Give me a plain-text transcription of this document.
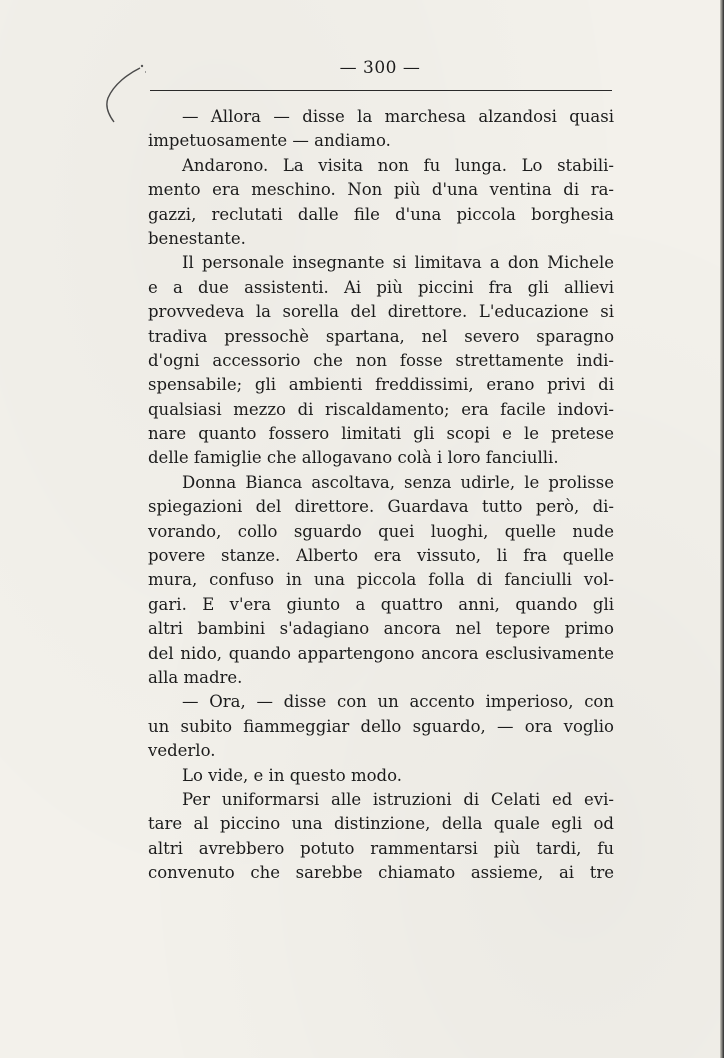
— 300 —
— Allora — disse la marchesa alzandosi quasi
impetuosamente — andiamo.
Andarono. La visita non fu lunga. Lo stabili-
mento era meschino. Non più d'una ventina di ra-
gazzi, reclutati dalle file d'una piccola borghesia
benestante.
Il personale insegnante si limitava a don Michele
e a due assistenti. Ai più piccini fra gli allievi
provvedeva la sorella del direttore. L'educazione si
tradiva pressochè spartana, nel severo sparagno
d'ogni accessorio che non fosse strettamente indi-
spensabile; gli ambienti freddissimi, erano privi di
qualsiasi mezzo di riscaldamento; era facile indovi-
nare quanto fossero limitati gli scopi e le pretese
delle famiglie che allogavano colà i loro fanciulli.
Donna Bianca ascoltava, senza udirle, le prolisse
spiegazioni del direttore. Guardava tutto però, di-
vorando, collo sguardo quei luoghi, quelle nude
povere stanze. Alberto era vissuto, li fra quelle
mura, confuso in una piccola folla di fanciulli vol-
gari. E v'era giunto a quattro anni, quando gli
altri bambini s'adagiano ancora nel tepore primo
del nido, quando appartengono ancora esclusivamente
alla madre.
— Ora, — disse con un accento imperioso, con
un subito fiammeggiar dello sguardo, — ora voglio
vederlo.
Lo vide, e in questo modo.
Per uniformarsi alle istruzioni di Celati ed evi-
tare al piccino una distinzione, della quale egli od
altri avrebbero potuto rammentarsi più tardi, fu
convenuto che sarebbe chiamato assieme, ai tre
